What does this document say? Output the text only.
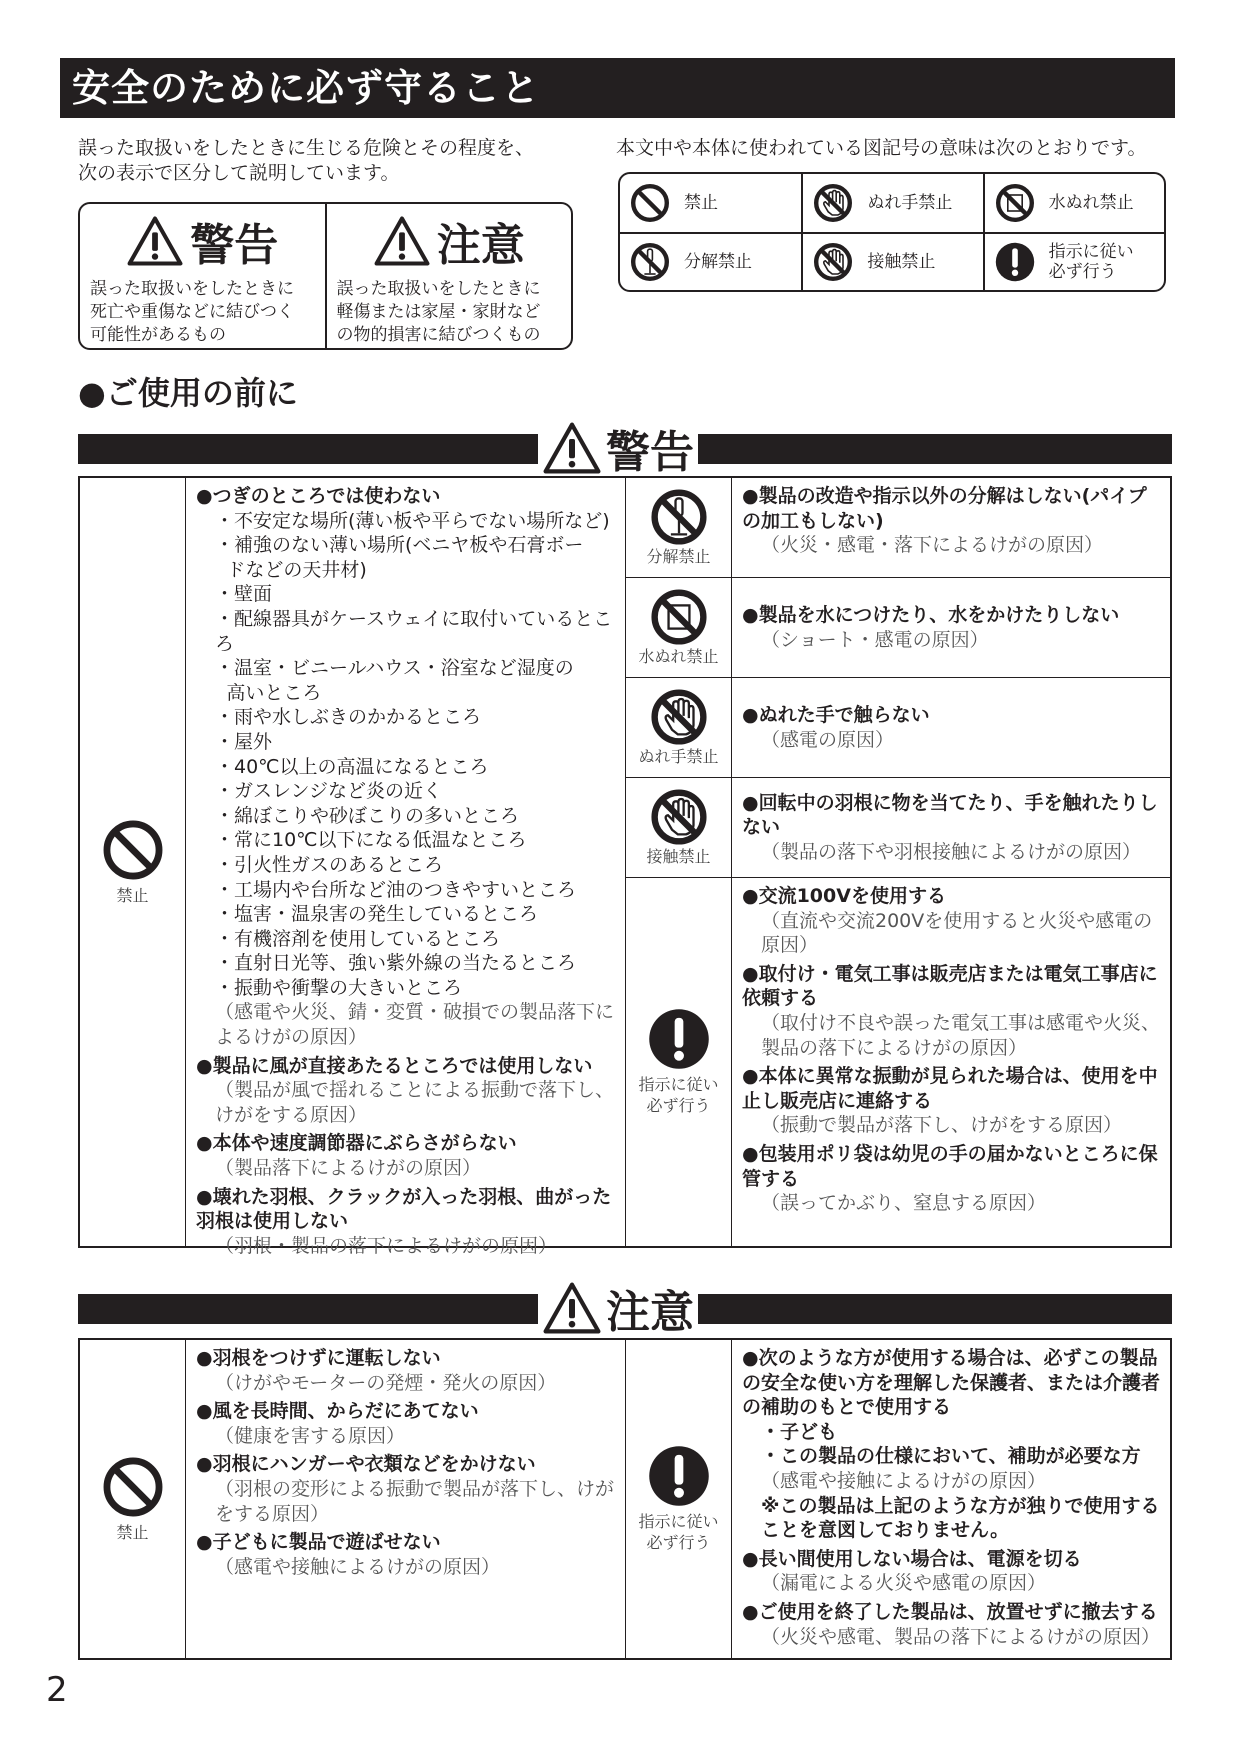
安全のために必ず守ること
誤った取扱いをしたときに生じる危険とその程度を、
次の表示で区分して説明しています。
本文中や本体に使われている図記号の意味は次のとおりです。
警告
誤った取扱いをしたときに
死亡や重傷などに結びつく
可能性があるもの
注意
誤った取扱いをしたときに
軽傷または家屋・家財など
の物的損害に結びつくもの
禁止	ぬれ手禁止	水ぬれ禁止
分解禁止	接触禁止	指示に従い
必ず行う
●ご使用の前に
警告
禁止
●つぎのところでは使わない
・不安定な場所(薄い板や平らでない場所など)
・補強のない薄い場所(ベニヤ板や石膏ボー
ドなどの天井材)
・壁面
・配線器具がケースウェイに取付いているところ
・温室・ビニールハウス・浴室など湿度の
高いところ
・雨や水しぶきのかかるところ
・屋外
・40℃以上の高温になるところ
・ガスレンジなど炎の近く
・綿ぼこりや砂ぼこりの多いところ
・常に10℃以下になる低温なところ
・引火性ガスのあるところ
・工場内や台所など油のつきやすいところ
・塩害・温泉害の発生しているところ
・有機溶剤を使用しているところ
・直射日光等、強い紫外線の当たるところ
・振動や衝撃の大きいところ
（感電や火災、錆・変質・破損での製品落下によるけがの原因）
●製品に風が直接あたるところでは使用しない
（製品が風で揺れることによる振動で落下し、けがをする原因）
●本体や速度調節器にぶらさがらない
（製品落下によるけがの原因）
●壊れた羽根、クラックが入った羽根、曲がった羽根は使用しない
（羽根・製品の落下によるけがの原因）
分解禁止
●製品の改造や指示以外の分解はしない(パイプの加工もしない)
（火災・感電・落下によるけがの原因）
水ぬれ禁止
●製品を水につけたり、水をかけたりしない
（ショート・感電の原因）
ぬれ手禁止
●ぬれた手で触らない
（感電の原因）
接触禁止
●回転中の羽根に物を当てたり、手を触れたりしない
（製品の落下や羽根接触によるけがの原因）
指示に従い
必ず行う
●交流100Vを使用する
（直流や交流200Vを使用すると火災や感電の原因）
●取付け・電気工事は販売店または電気工事店に依頼する
（取付け不良や誤った電気工事は感電や火災、製品の落下によるけがの原因）
●本体に異常な振動が見られた場合は、使用を中止し販売店に連絡する
（振動で製品が落下し、けがをする原因）
●包装用ポリ袋は幼児の手の届かないところに保管する
（誤ってかぶり、窒息する原因）
注意
禁止
●羽根をつけずに運転しない
（けがやモーターの発煙・発火の原因）
●風を長時間、からだにあてない
（健康を害する原因）
●羽根にハンガーや衣類などをかけない
（羽根の変形による振動で製品が落下し、けがをする原因）
●子どもに製品で遊ばせない
（感電や接触によるけがの原因）
指示に従い
必ず行う
●次のような方が使用する場合は、必ずこの製品の安全な使い方を理解した保護者、または介護者の補助のもとで使用する
・子ども
・この製品の仕様において、補助が必要な方
（感電や接触によるけがの原因）
※この製品は上記のような方が独りで使用することを意図しておりません。
●長い間使用しない場合は、電源を切る
（漏電による火災や感電の原因）
●ご使用を終了した製品は、放置せずに撤去する
（火災や感電、製品の落下によるけがの原因）
2
